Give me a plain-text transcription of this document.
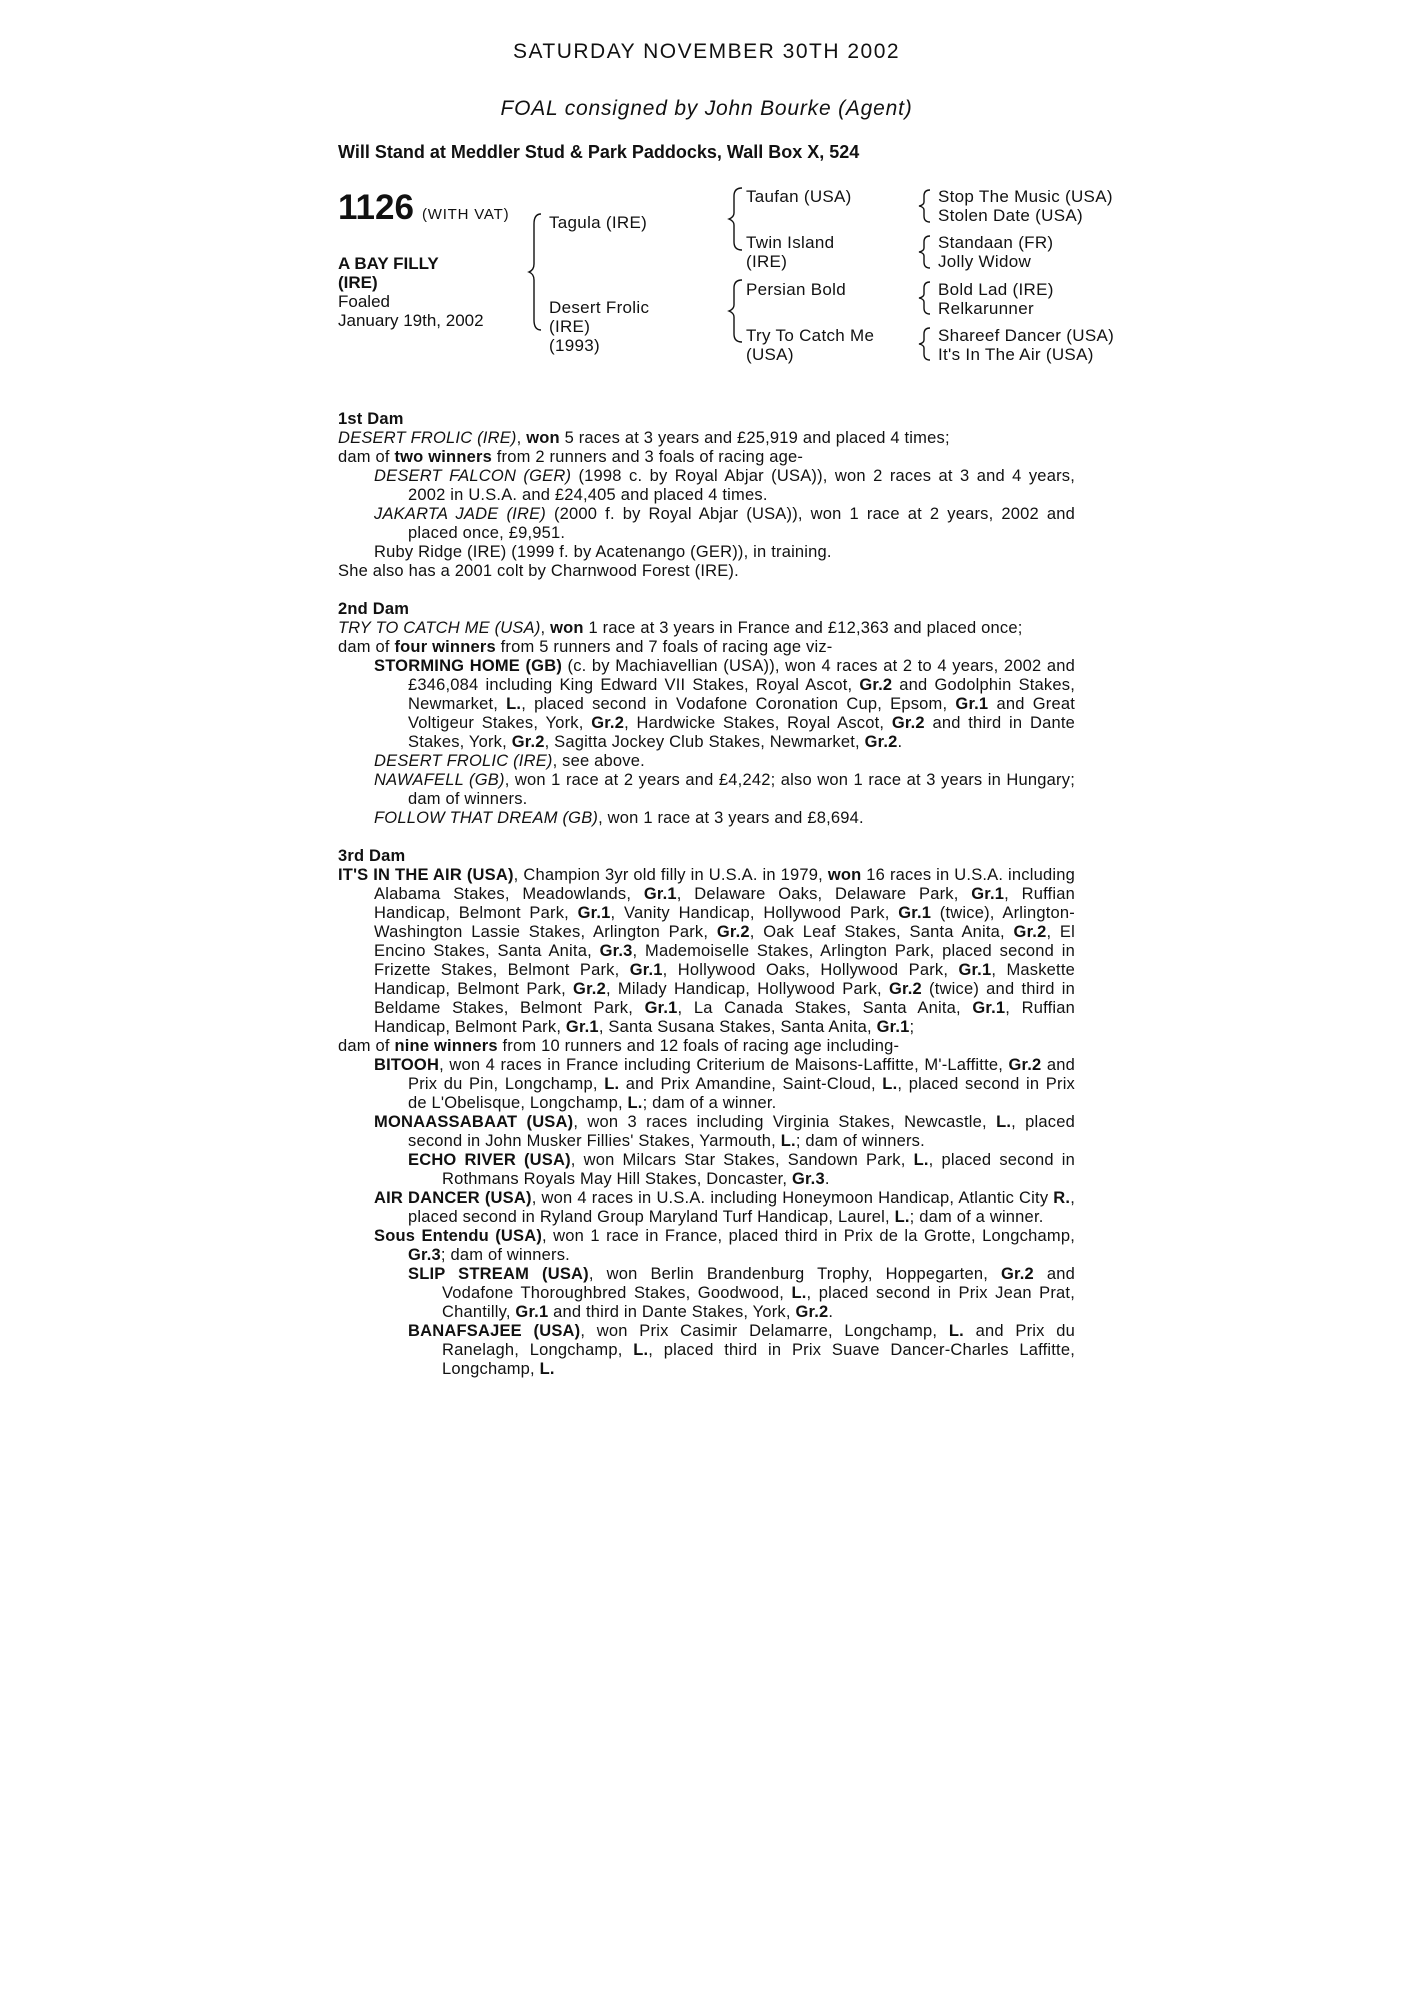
SATURDAY NOVEMBER 30TH 2002
FOAL consigned by John Bourke (Agent)
Will Stand at Meddler Stud & Park Paddocks, Wall Box X, 524
1126 (WITH VAT)
A BAY FILLY
(IRE)
Foaled
January 19th, 2002
Tagula (IRE)
Desert Frolic
(IRE)
(1993)
Taufan (USA)
Twin Island
(IRE)
Persian Bold
Try To Catch Me
(USA)
Stop The Music (USA)
Stolen Date (USA)
Standaan (FR)
Jolly Widow
Bold Lad (IRE)
Relkarunner
Shareef Dancer (USA)
It's In The Air (USA)

1st Dam

DESERT FROLIC (IRE), won 5 races at 3 years and £25,919 and placed 4 times;

dam of two winners from 2 runners and 3 foals of racing age-

DESERT FALCON (GER) (1998 c. by Royal Abjar (USA)), won 2 races at 3 and 4 years, 2002 in U.S.A. and £24,405 and placed 4 times.

JAKARTA JADE (IRE) (2000 f. by Royal Abjar (USA)), won 1 race at 2 years, 2002 and placed once, £9,951.

Ruby Ridge (IRE) (1999 f. by Acatenango (GER)), in training.

She also has a 2001 colt by Charnwood Forest (IRE).

2nd Dam

TRY TO CATCH ME (USA), won 1 race at 3 years in France and £12,363 and placed once;

dam of four winners from 5 runners and 7 foals of racing age viz-

STORMING HOME (GB) (c. by Machiavellian (USA)), won 4 races at 2 to 4 years, 2002 and £346,084 including King Edward VII Stakes, Royal Ascot, Gr.2 and Godolphin Stakes, Newmarket, L., placed second in Vodafone Coronation Cup, Epsom, Gr.1 and Great Voltigeur Stakes, York, Gr.2, Hardwicke Stakes, Royal Ascot, Gr.2 and third in Dante Stakes, York, Gr.2, Sagitta Jockey Club Stakes, Newmarket, Gr.2.

DESERT FROLIC (IRE), see above.

NAWAFELL (GB), won 1 race at 2 years and £4,242; also won 1 race at 3 years in Hungary; dam of winners.

FOLLOW THAT DREAM (GB), won 1 race at 3 years and £8,694.

3rd Dam

IT'S IN THE AIR (USA), Champion 3yr old filly in U.S.A. in 1979, won 16 races in U.S.A. including Alabama Stakes, Meadowlands, Gr.1, Delaware Oaks, Delaware Park, Gr.1, Ruffian Handicap, Belmont Park, Gr.1, Vanity Handicap, Hollywood Park, Gr.1 (twice), Arlington-Washington Lassie Stakes, Arlington Park, Gr.2, Oak Leaf Stakes, Santa Anita, Gr.2, El Encino Stakes, Santa Anita, Gr.3, Mademoiselle Stakes, Arlington Park, placed second in Frizette Stakes, Belmont Park, Gr.1, Hollywood Oaks, Hollywood Park, Gr.1, Maskette Handicap, Belmont Park, Gr.2, Milady Handicap, Hollywood Park, Gr.2 (twice) and third in Beldame Stakes, Belmont Park, Gr.1, La Canada Stakes, Santa Anita, Gr.1, Ruffian Handicap, Belmont Park, Gr.1, Santa Susana Stakes, Santa Anita, Gr.1;

dam of nine winners from 10 runners and 12 foals of racing age including-

BITOOH, won 4 races in France including Criterium de Maisons-Laffitte, M'-Laffitte, Gr.2 and Prix du Pin, Longchamp, L. and Prix Amandine, Saint-Cloud, L., placed second in Prix de L'Obelisque, Longchamp, L.; dam of a winner.

MONAASSABAAT (USA), won 3 races including Virginia Stakes, Newcastle, L., placed second in John Musker Fillies' Stakes, Yarmouth, L.; dam of winners.

ECHO RIVER (USA), won Milcars Star Stakes, Sandown Park, L., placed second in Rothmans Royals May Hill Stakes, Doncaster, Gr.3.

AIR DANCER (USA), won 4 races in U.S.A. including Honeymoon Handicap, Atlantic City R., placed second in Ryland Group Maryland Turf Handicap, Laurel, L.; dam of a winner.

Sous Entendu (USA), won 1 race in France, placed third in Prix de la Grotte, Longchamp, Gr.3; dam of winners.

SLIP STREAM (USA), won Berlin Brandenburg Trophy, Hoppegarten, Gr.2 and Vodafone Thoroughbred Stakes, Goodwood, L., placed second in Prix Jean Prat, Chantilly, Gr.1 and third in Dante Stakes, York, Gr.2.

BANAFSAJEE (USA), won Prix Casimir Delamarre, Longchamp, L. and Prix du Ranelagh, Longchamp, L., placed third in Prix Suave Dancer-Charles Laffitte, Longchamp, L.
